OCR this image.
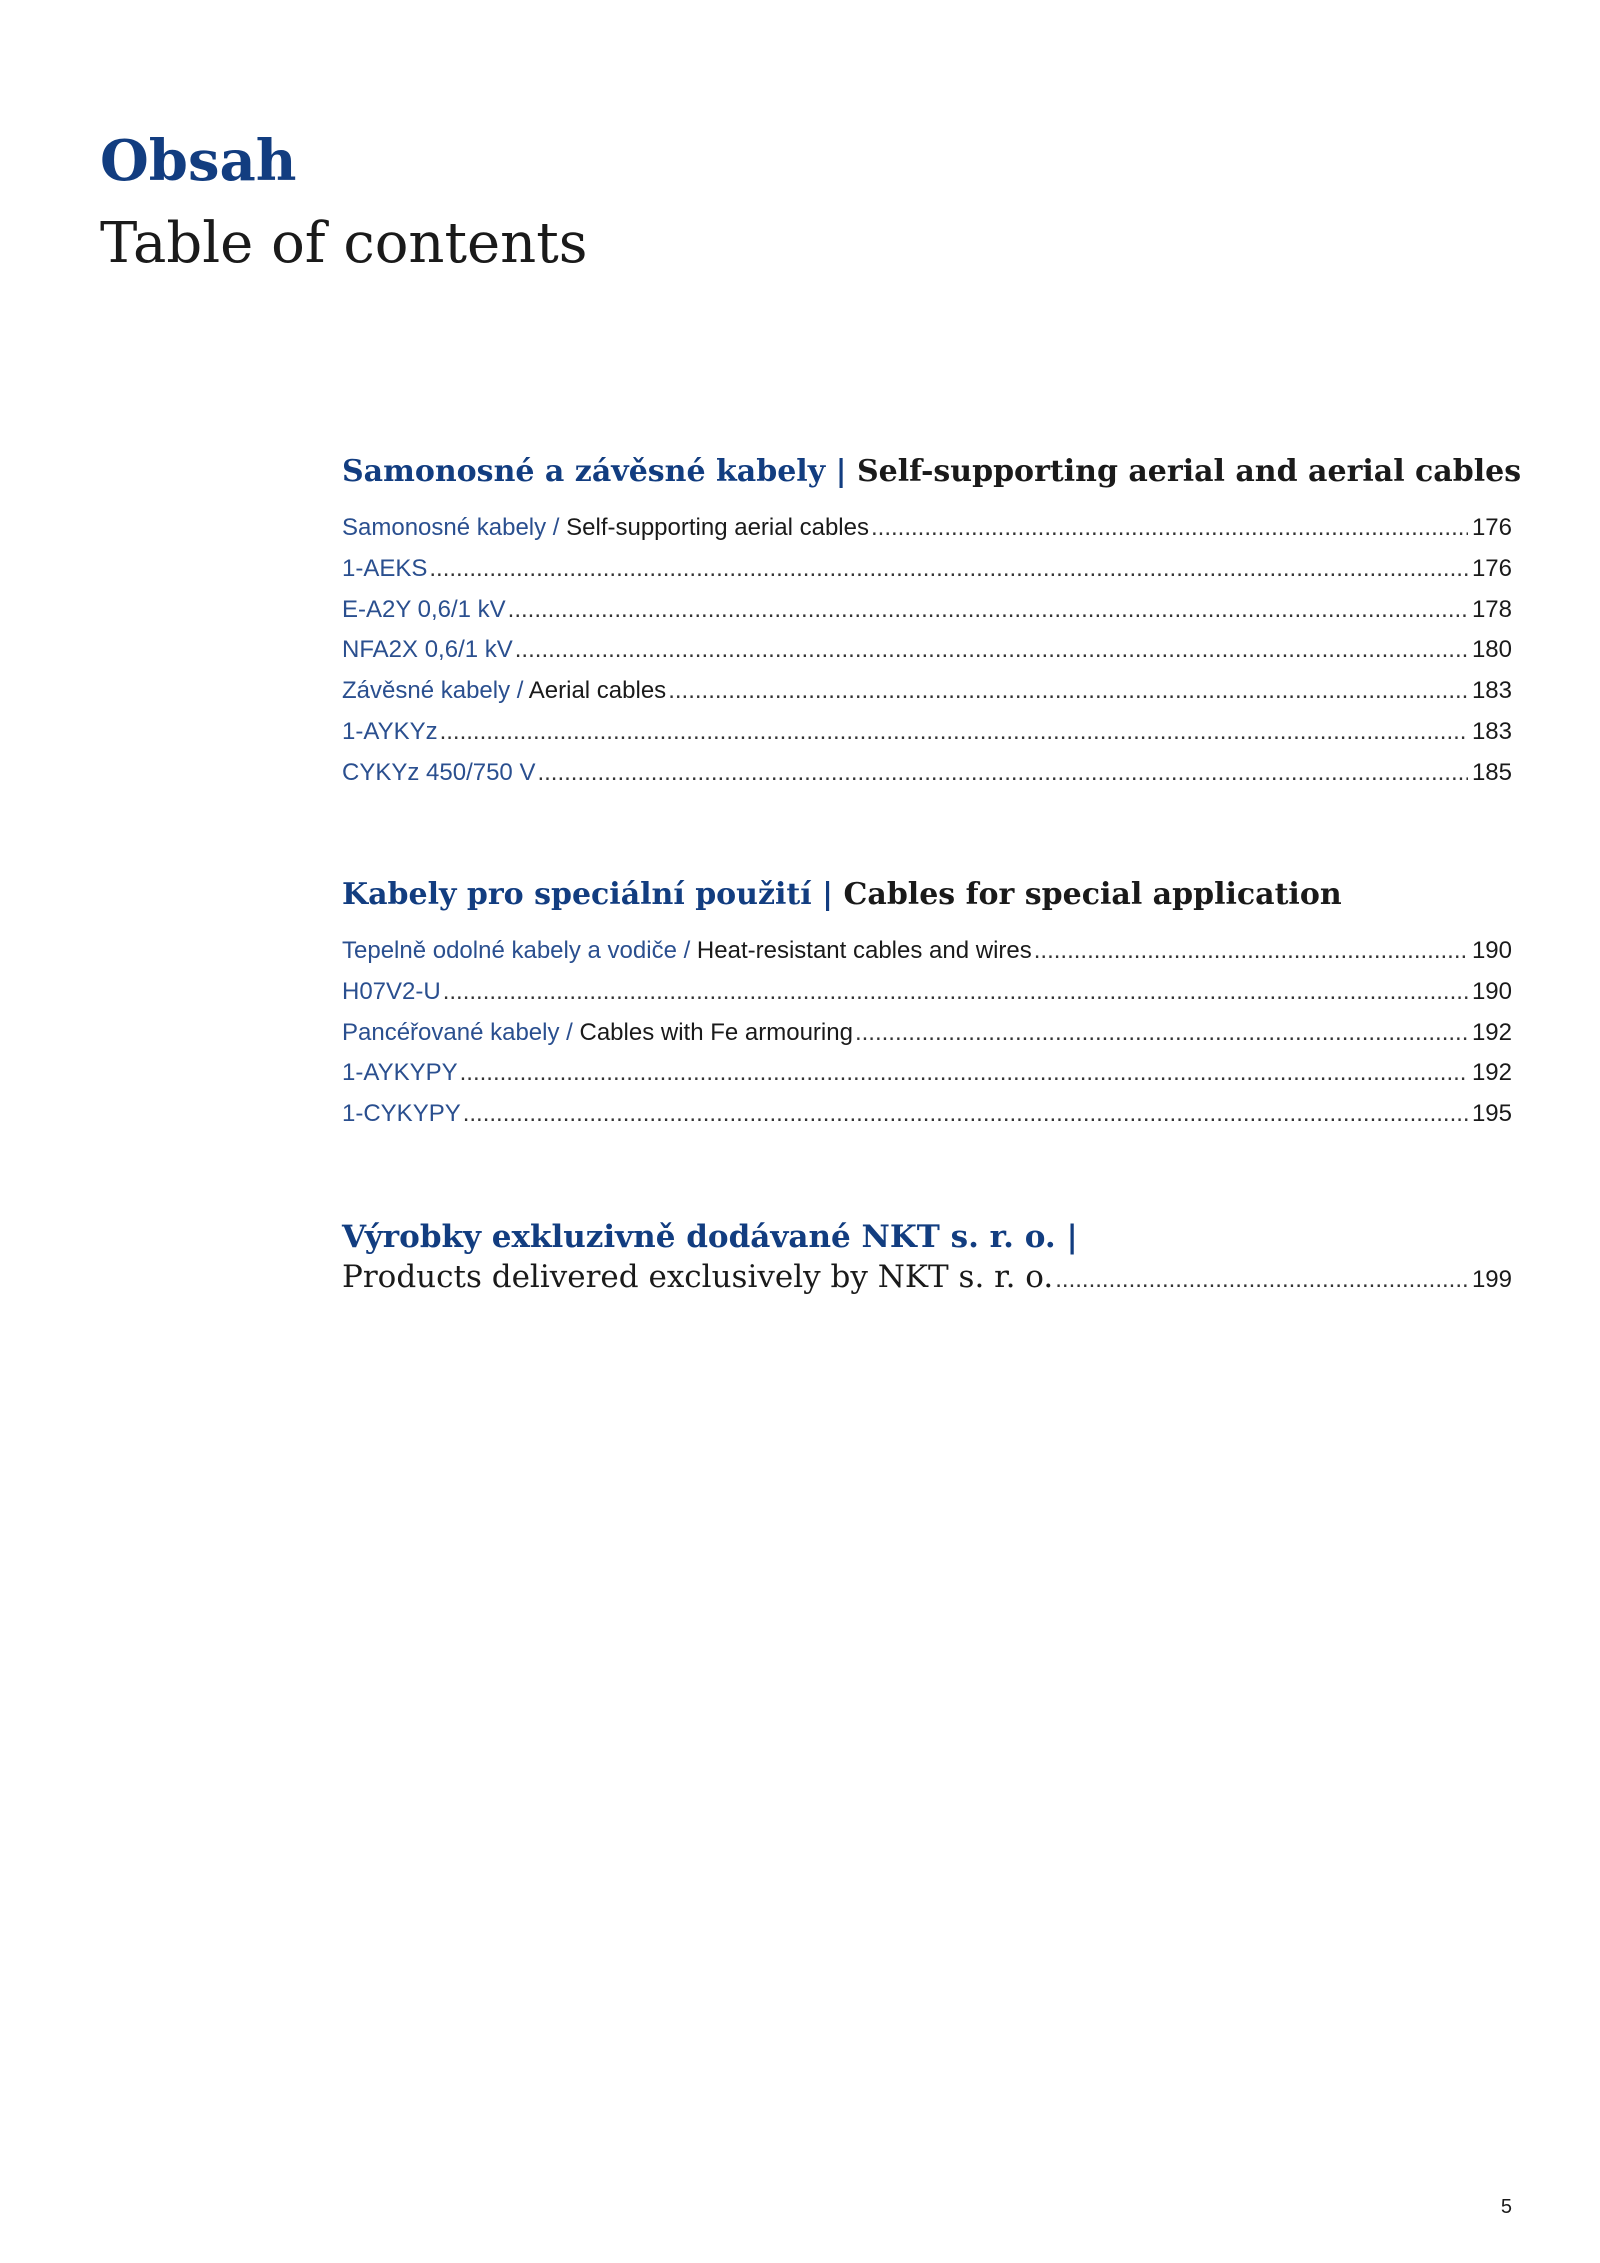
Obsah
Table of contents
Samonosné a závěsné kabely | Self-supporting aerial and aerial cables
Samonosné kabely / Self-supporting aerial cables .....	176
1-AEKS .....	176
E-A2Y 0,6/1 kV .....	178
NFA2X 0,6/1 kV .....	180
Závěsné kabely / Aerial cables .....	183
1-AYKYz .....	183
CYKYz 450/750 V .....	185
Kabely pro speciální použití | Cables for special application
Tepelně odolné kabely a vodiče / Heat-resistant cables and wires .....	190
H07V2-U .....	190
Pancéřované kabely / Cables with Fe armouring .....	192
1-AYKYPY .....	192
1-CYKYPY .....	195
Výrobky exkluzivně dodávané NKT s. r. o. |
Products delivered exclusively by NKT s. r. o. .....	199
5
